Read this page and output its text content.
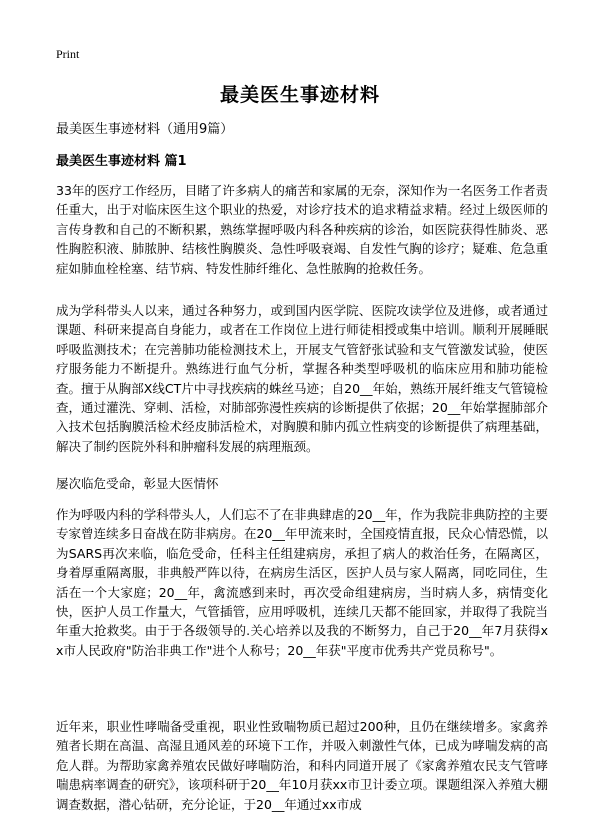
Print
最美医生事迹材料

最美医生事迹材料（通用9篇）

最美医生事迹材料 篇1

33年的医疗工作经历，目睹了许多病人的痛苦和家属的无奈，深知作为一名医务工作者责任重大，出于对临床医生这个职业的热爱，对诊疗技术的追求精益求精。经过上级医师的言传身教和自己的不断积累，熟练掌握呼吸内科各种疾病的诊治，如医院获得性肺炎、恶性胸腔积液、肺脓肿、结核性胸膜炎、急性呼吸衰竭、自发性气胸的诊疗；疑难、危急重症如肺血栓栓塞、结节病、特发性肺纤维化、急性脓胸的抢救任务。

成为学科带头人以来，通过各种努力，或到国内医学院、医院攻读学位及进修，或者通过课题、科研来提高自身能力，或者在工作岗位上进行师徒相授或集中培训。顺利开展睡眠呼吸监测技术；在完善肺功能检测技术上，开展支气管舒张试验和支气管激发试验，使医疗服务能力不断提升。熟练进行血气分析，掌握各种类型呼吸机的临床应用和肺功能检查。擅于从胸部X线CT片中寻找疾病的蛛丝马迹；自20__年始，熟练开展纤维支气管镜检查，通过灌洗、穿刺、活检，对肺部弥漫性疾病的诊断提供了依据；20__年始掌握肺部介入技术包括胸膜活检术经皮肺活检术，对胸膜和肺内孤立性病变的诊断提供了病理基础，解决了制约医院外科和肿瘤科发展的病理瓶颈。

屡次临危受命，彰显大医情怀

作为呼吸内科的学科带头人，人们忘不了在非典肆虐的20__年，作为我院非典防控的主要专家曾连续多日奋战在防非病房。在20__年甲流来时，全国疫情直报，民众心情恐慌，以为SARS再次来临，临危受命，任科主任组建病房，承担了病人的救治任务，在隔离区，身着厚重隔离服，非典般严阵以待，在病房生活区，医护人员与家人隔离，同吃同住，生活在一个大家庭；20__年，禽流感到来时，再次受命组建病房，当时病人多，病情变化快，医护人员工作量大，气管插管，应用呼吸机，连续几天都不能回家，并取得了我院当年重大抢救奖。由于于各级领导的.关心培养以及我的不断努力，自己于20__年7月获得xx市人民政府"防治非典工作"进个人称号；20__年获"平度市优秀共产党员称号"。

近年来，职业性哮喘备受重视，职业性致喘物质已超过200种，且仍在继续增多。家禽养殖者长期在高温、高湿且通风差的环境下工作，并吸入刺激性气体，已成为哮喘发病的高危人群。为帮助家禽养殖农民做好哮喘防治，和科内同道开展了《家禽养殖农民支气管哮喘患病率调查的研究》，该项科研于20__年10月获xx市卫计委立项。课题组深入养殖大棚调查数据，潜心钻研，充分论证，于20__年通过xx市成
